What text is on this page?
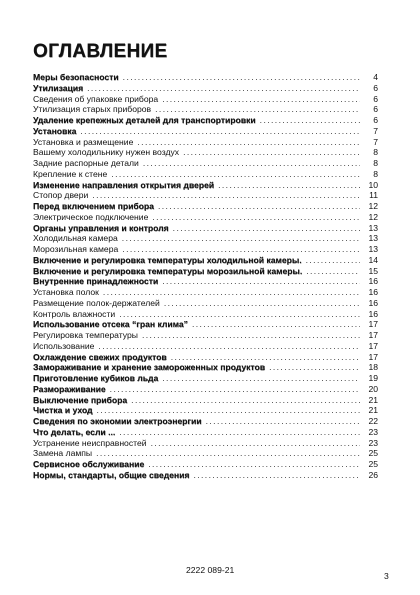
ОГЛАВЛЕНИЕ
Меры безопасности .....	4
Утилизация .....	6
Сведения об упаковке прибора .....	6
Утилизация старых приборов .....	6
Удаление крепежных деталей для транспортировки .....	6
Установка .....	7
Установка и размещение .....	7
Вашему холодильнику нужен воздух .....	8
Задние распорные детали .....	8
Крепление к стене .....	8
Изменение направления открытия дверей .....	10
Стопор двери .....	11
Перед включением прибора .....	12
Электрическое подключение .....	12
Органы управления и контроля .....	13
Холодильная камера .....	13
Морозильная камера .....	13
Включение и регулировка температуры холодильной камеры. .....	14
Включение и регулировка температуры морозильной камеры. .....	15
Внутренние принадлежности .....	16
Установка полок .....	16
Размещение полок-держателей .....	16
Контроль влажности .....	16
Использование отсека “гран клима” .....	17
Регулировка температуры .....	17
Использование .....	17
Охлаждение свежих продуктов .....	17
Замораживание и хранение замороженных продуктов .....	18
Приготовление кубиков льда .....	19
Размораживание .....	20
Выключение прибора .....	21
Чистка и уход .....	21
Сведения по экономии электроэнергии .....	22
Что делать, если ... .....	23
Устранение неисправностей .....	23
Замена лампы .....	25
Сервисное обслуживание .....	25
Нормы, стандарты, общие сведения .....	26
2222 089-21
3
